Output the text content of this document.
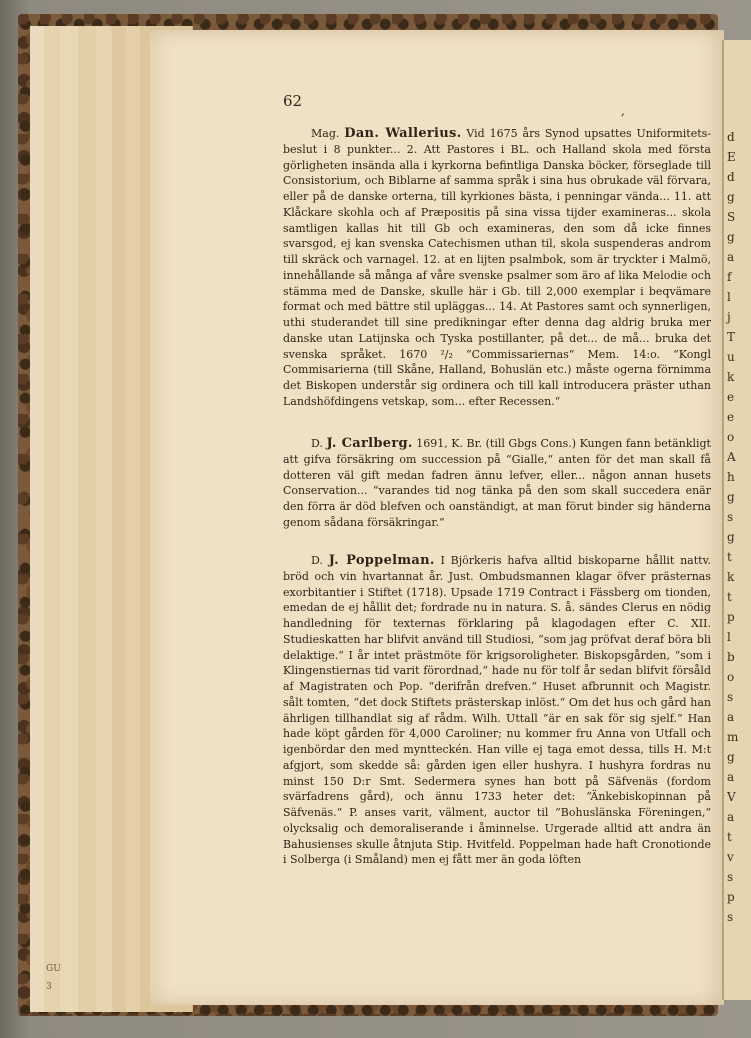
GU
3
d
E
d
g
S
g
a
f
l
j
T
u
k
e
e
o
A
h
g
s
g
t
k
t
p
l
b
o
s
a
m
g
a
V
a
t
v
s
p
s
62
,

Mag. Dan. Wallerius. Vid 1675 års Synod upsattes Uniformitets-beslut i 8 punkter... 2. Att Pastores i BL. och Halland skola med första görligheten insända alla i kyrkorna befintliga Danska böcker, förseglade till Consistorium, och Biblarne af samma språk i sina hus obrukade väl förvara, eller på de danske orterna, till kyrkiones bästa, i penningar vända... 11. att Klåckare skohla och af Præpositis på sina vissa tijder examineras... skola samtligen kallas hit till Gb och examineras, den som då icke finnes svarsgod, ej kan svenska Catechismen uthan til, skola suspenderas androm till skräck och varnagel. 12. at en lijten psalmbok, som är tryckter i Malmö, innehållande så många af våre svenske psalmer som äro af lika Melodie och stämma med de Danske, skulle här i Gb. till 2,000 exemplar i beqvämare format och med bättre stil upläggas... 14. At Pastores samt och synnerligen, uthi studerandet till sine predikningar efter denna dag aldrig bruka mer danske utan Latijnska och Tyska postillanter, på det... de må... bruka det svenska språket. 1670 ²/₂ “Commissariernas“ Mem. 14:o. “Kongl Commisarierna (till Skåne, Halland, Bohuslän etc.) måste ogerna förnimma det Biskopen understår sig ordinera och till kall introducera präster uthan Landshöfdingens vetskap, som... efter Recessen.“

D. J. Carlberg. 1691, K. Br. (till Gbgs Cons.) Kungen fann betänkligt att gifva försäkring om succession på “Gialle,“ anten för det man skall få dotteren väl gift medan fadren ännu lefver, eller... någon annan husets Conservation... “varandes tid nog tänka på den som skall succedera enär den förra är död blefven och oanständigt, at man förut binder sig händerna genom sådana försäkringar.“

D. J. Poppelman. I Björkeris hafva alltid biskoparne hållit nattv. bröd och vin hvartannat år. Just. Ombudsmannen klagar öfver prästernas exorbitantier i Stiftet (1718). Upsade 1719 Contract i Fässberg om tionden, emedan de ej hållit det; fordrade nu in natura. S. å. sändes Clerus en nödig handledning för texternas förklaring på klagodagen efter C. XII. Studieskatten har blifvit använd till Studiosi, “som jag pröfvat deraf böra bli delaktige.“ I år intet prästmöte för krigsoroligheter. Biskopsgården, “som i Klingenstiernas tid varit förordnad,“ hade nu för tolf år sedan blifvit försåld af Magistraten och Pop. “derifrån drefven.“ Huset afbrunnit och Magistr. sålt tomten, “det dock Stiftets prästerskap inlöst.“ Om det hus och gård han ährligen tillhandlat sig af rådm. Wilh. Uttall “är en sak för sig sjelf.“ Han hade köpt gården för 4,000 Caroliner; nu kommer fru Anna von Utfall och igenbördar den med myntteckén. Han ville ej taga emot dessa, tills H. M:t afgjort, som skedde så: gården igen eller hushyra. I hushyra fordras nu minst 150 D:r Smt. Sedermera synes han bott på Säfvenäs (fordom svärfadrens gård), och ännu 1733 heter det: “Änkebiskopinnan på Säfvenäs.“ P. anses varit, välment, auctor til “Bohuslänska Föreningen,“ olycksalig och demoraliserande i åminnelse. Urgerade alltid att andra än Bahusienses skulle åtnjuta Stip. Hvitfeld. Poppelman hade haft Cronotionde i Solberga (i Småland) men ej fått mer än goda löften
